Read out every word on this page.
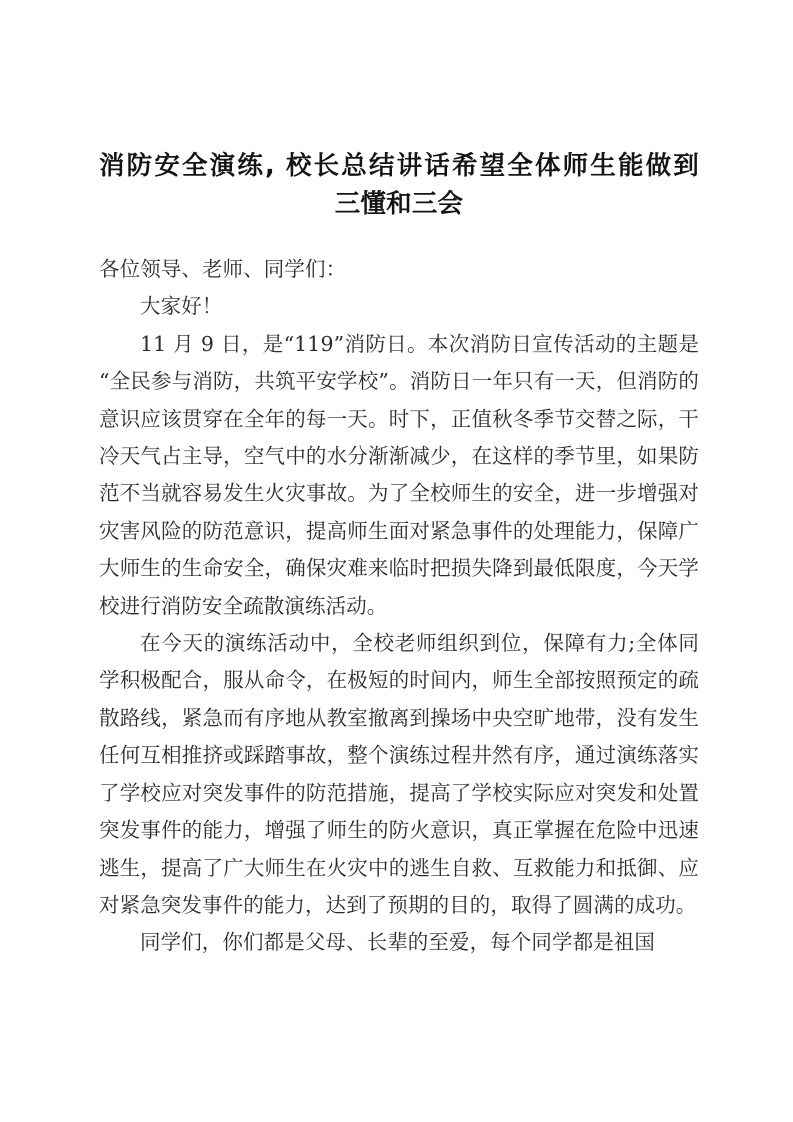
消防安全演练, 校长总结讲话希望全体师生能做到
三懂和三会

各位领导、老师、同学们：

大家好！

11 月 9 日，是“119”消防日。本次消防日宣传活动的主题是“全民参与消防，共筑平安学校”。消防日一年只有一天，但消防的意识应该贯穿在全年的每一天。时下，正值秋冬季节交替之际，干冷天气占主导，空气中的水分渐渐减少，在这样的季节里，如果防范不当就容易发生火灾事故。为了全校师生的安全，进一步增强对灾害风险的防范意识，提高师生面对紧急事件的处理能力，保障广大师生的生命安全，确保灾难来临时把损失降到最低限度，今天学校进行消防安全疏散演练活动。

在今天的演练活动中，全校老师组织到位，保障有力;全体同学积极配合，服从命令，在极短的时间内，师生全部按照预定的疏散路线，紧急而有序地从教室撤离到操场中央空旷地带，没有发生任何互相推挤或踩踏事故，整个演练过程井然有序，通过演练落实了学校应对突发事件的防范措施，提高了学校实际应对突发和处置突发事件的能力，增强了师生的防火意识，真正掌握在危险中迅速逃生，提高了广大师生在火灾中的逃生自救、互救能力和抵御、应对紧急突发事件的能力，达到了预期的目的，取得了圆满的成功。

同学们，你们都是父母、长辈的至爱，每个同学都是祖国
